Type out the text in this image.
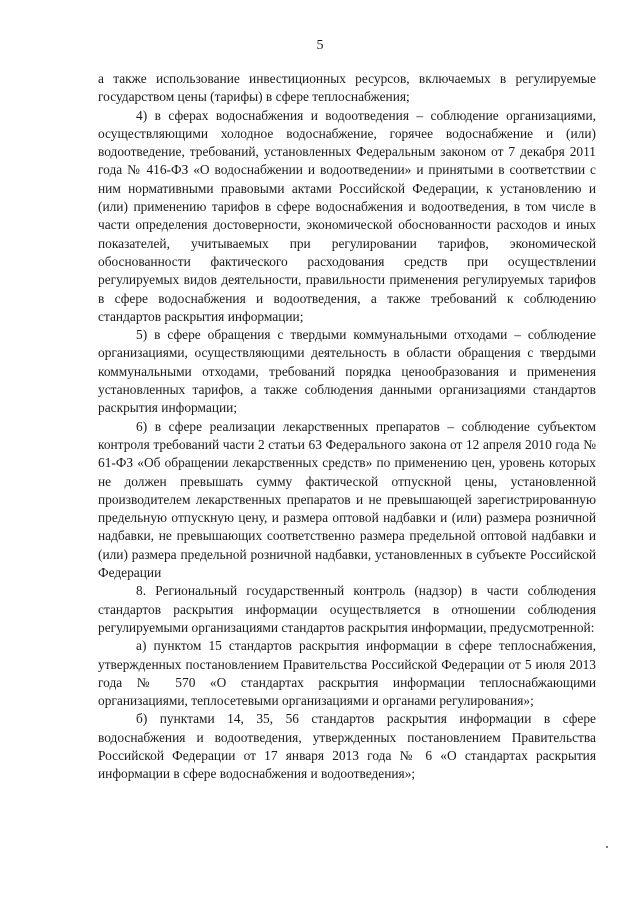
5

а также использование инвестиционных ресурсов, включаемых в регулируемые государством цены (тарифы) в сфере теплоснабжения;

4) в сферах водоснабжения и водоотведения – соблюдение организациями, осуществляющими холодное водоснабжение, горячее водоснабжение и (или) водоотведение, требований, установленных Федеральным законом от 7 декабря 2011 года № 416-ФЗ «О водоснабжении и водоотведении» и принятыми в соответствии с ним нормативными правовыми актами Российской Федерации, к установлению и (или) применению тарифов в сфере водоснабжения и водоотведения, в том числе в части определения достоверности, экономической обоснованности расходов и иных показателей, учитываемых при регулировании тарифов, экономической обоснованности фактического расходования средств при осуществлении регулируемых видов деятельности, правильности применения регулируемых тарифов в сфере водоснабжения и водоотведения, а также требований к соблюдению стандартов раскрытия информации;

5) в сфере обращения с твердыми коммунальными отходами – соблюдение организациями, осуществляющими деятельность в области обращения с твердыми коммунальными отходами, требований порядка ценообразования и применения установленных тарифов, а также соблюдения данными организациями стандартов раскрытия информации;

6) в сфере реализации лекарственных препаратов – соблюдение субъектом контроля требований части 2 статьи 63 Федерального закона от 12 апреля 2010 года № 61-ФЗ «Об обращении лекарственных средств» по применению цен, уровень которых не должен превышать сумму фактической отпускной цены, установленной производителем лекарственных препаратов и не превышающей зарегистрированную предельную отпускную цену, и размера оптовой надбавки и (или) размера розничной надбавки, не превышающих соответственно размера предельной оптовой надбавки и (или) размера предельной розничной надбавки, установленных в субъекте Российской Федерации

8. Региональный государственный контроль (надзор) в части соблюдения стандартов раскрытия информации осуществляется в отношении соблюдения регулируемыми организациями стандартов раскрытия информации, предусмотренной:

а) пунктом 15 стандартов раскрытия информации в сфере теплоснабжения, утвержденных постановлением Правительства Российской Федерации от 5 июля 2013 года № 570 «О стандартах раскрытия информации теплоснабжающими организациями, теплосетевыми организациями и органами регулирования»;

б) пунктами 14, 35, 56 стандартов раскрытия информации в сфере водоснабжения и водоотведения, утвержденных постановлением Правительства Российской Федерации от 17 января 2013 года № 6 «О стандартах раскрытия информации в сфере водоснабжения и водоотведения»;
